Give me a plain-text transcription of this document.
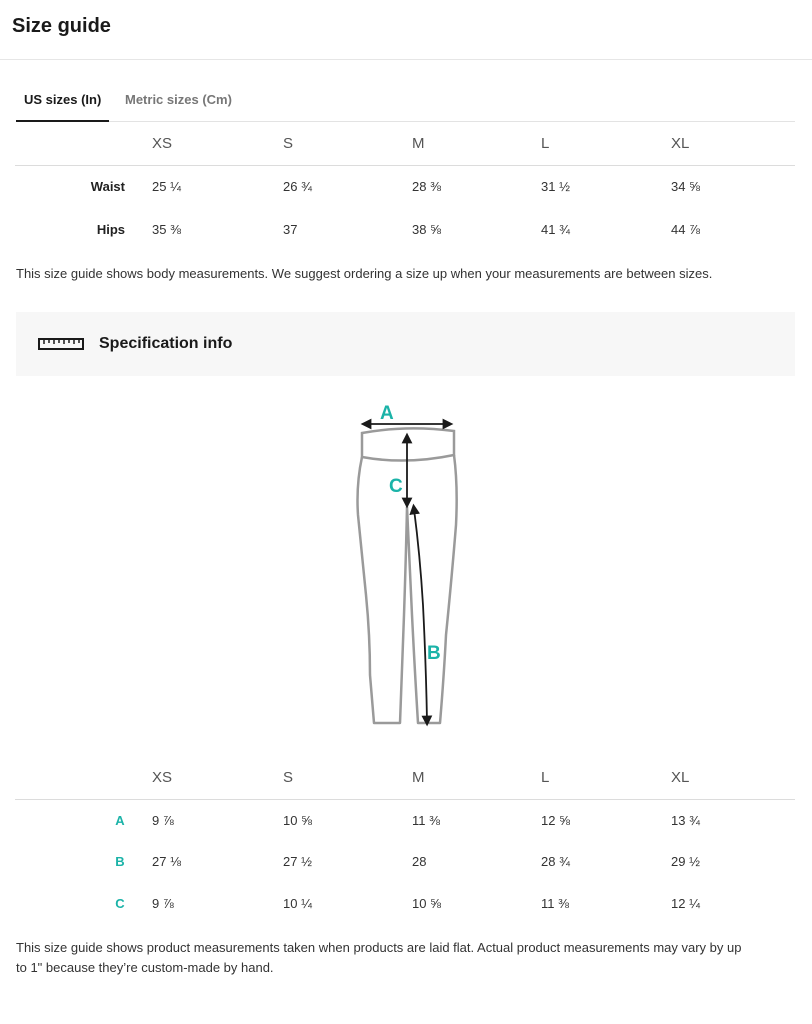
Size guide
US sizes (In)	Metric sizes (Cm)
XS	S	M	L	XL
Waist 25 ¼	26 ¾	28 ⅜	31 ½	34 ⅝
Hips 35 ⅜	37	38 ⅝	41 ¾	44 ⅞
This size guide shows body measurements. We suggest ordering a size up when your measurements are between sizes.
Specification info
A
C
B
XS	S	M	L	XL
A	9 ⅞	10 ⅝	11 ⅜	12 ⅝	13 ¾
B	27 ⅛	27 ½	28	28 ¾	29 ½
C	9 ⅞	10 ¼	10 ⅝	11 ⅜	12 ¼
This size guide shows product measurements taken when products are laid flat. Actual product measurements may vary by up
to 1" because they’re custom-made by hand.
